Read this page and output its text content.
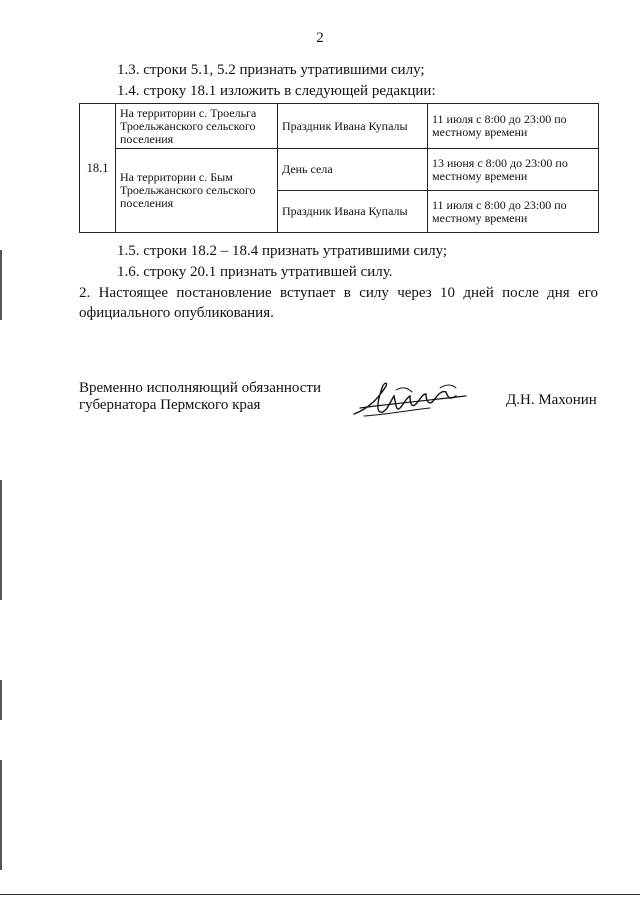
2
1.3. строки 5.1, 5.2 признать утратившими силу;
1.4. строку 18.1 изложить в следующей редакции:
18.1	На территории с. Троельга Троельжанского сельского поселения	Праздник Ивана Купалы	11 июля с 8:00 до 23:00 по местному времени
	На территории с. Бым Троельжанского сельского поселения	День села	13 июня с 8:00 до 23:00 по местному времени
		Праздник Ивана Купалы	11 июля с 8:00 до 23:00 по местному времени
1.5. строки 18.2 – 18.4 признать утратившими силу;
1.6. строку 20.1 признать утратившей силу.
2. Настоящее постановление вступает в силу через 10 дней после дня его официального опубликования.
Временно исполняющий обязанности
губернатора Пермского края	Д.Н. Махонин
